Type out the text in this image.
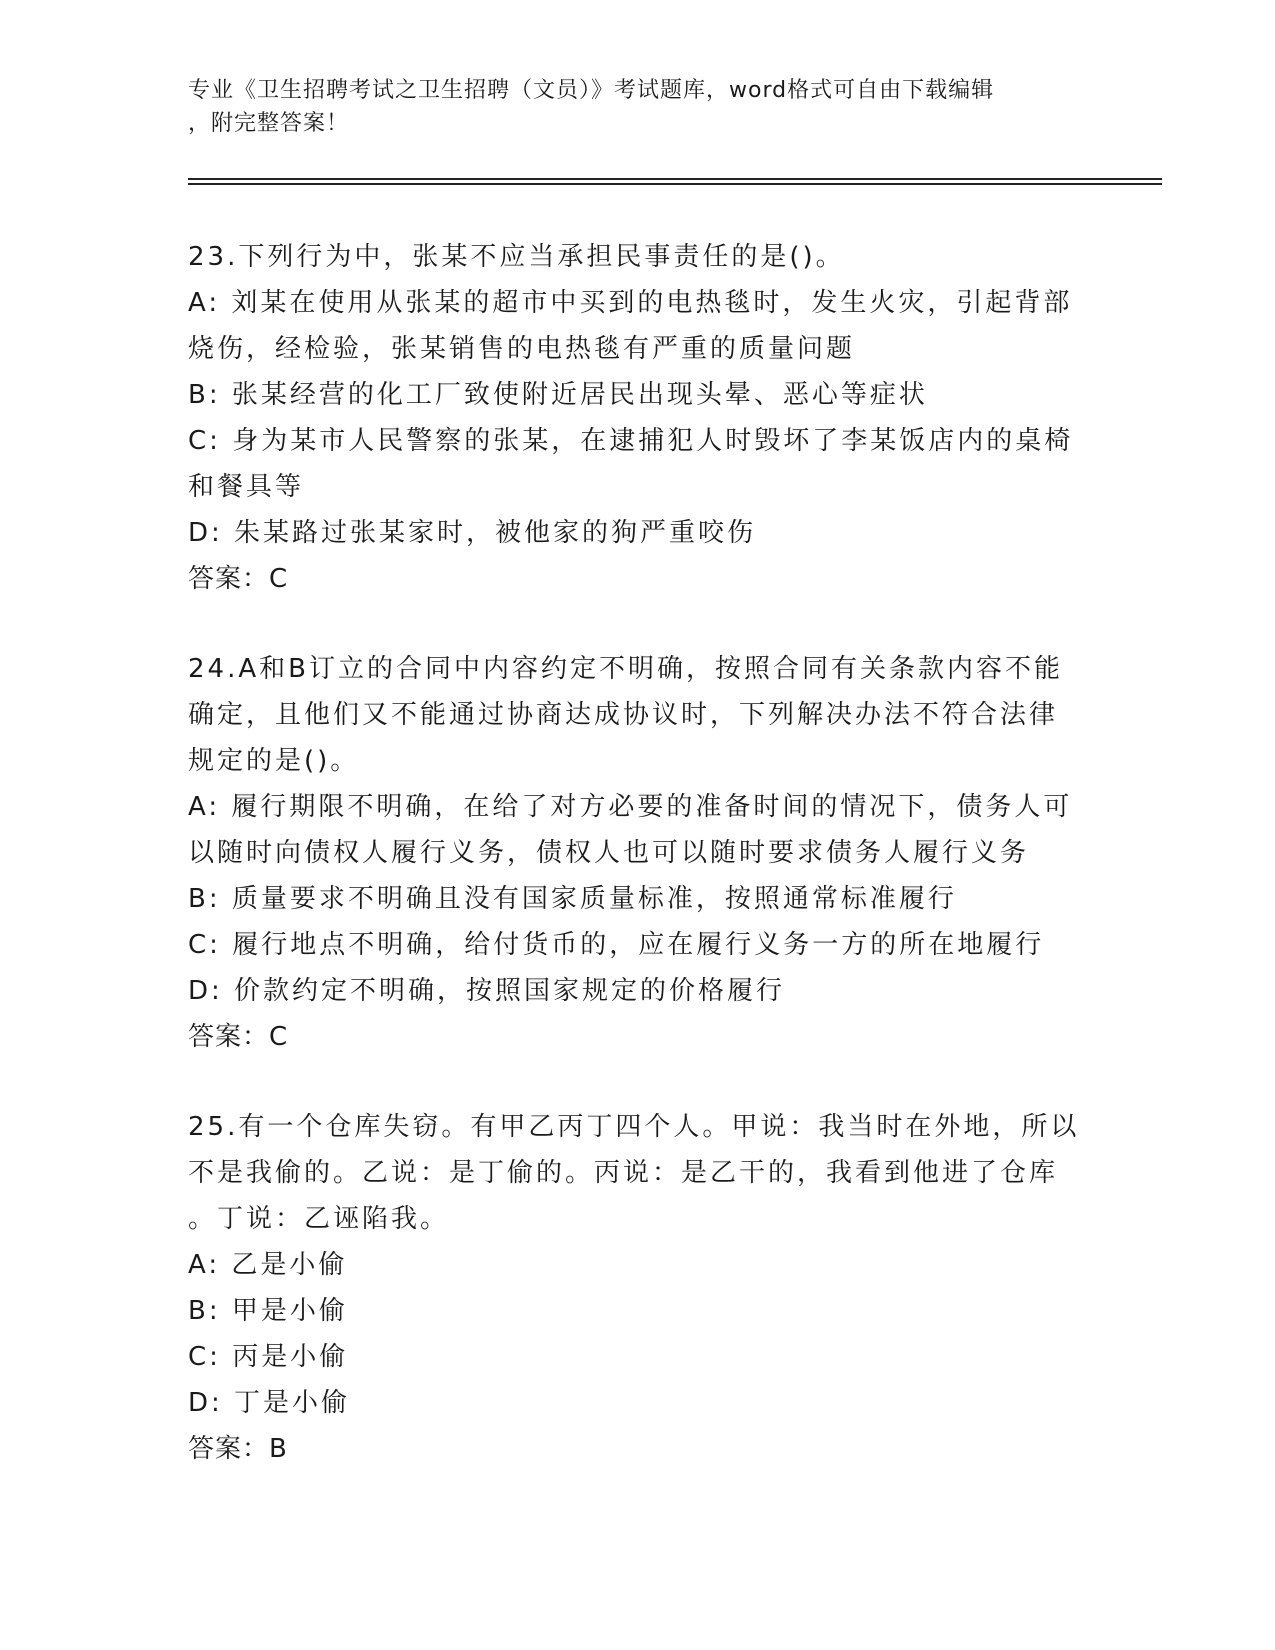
专业《卫生招聘考试之卫生招聘（文员）》考试题库，word格式可自由下载编辑
，附完整答案！
23.下列行为中，张某不应当承担民事责任的是()。
A: 刘某在使用从张某的超市中买到的电热毯时，发生火灾，引起背部
烧伤，经检验，张某销售的电热毯有严重的质量问题
B: 张某经营的化工厂致使附近居民出现头晕、恶心等症状
C: 身为某市人民警察的张某，在逮捕犯人时毁坏了李某饭店内的桌椅
和餐具等
D: 朱某路过张某家时，被他家的狗严重咬伤
答案：C
24.A和B订立的合同中内容约定不明确，按照合同有关条款内容不能
确定，且他们又不能通过协商达成协议时，下列解决办法不符合法律
规定的是()。
A: 履行期限不明确，在给了对方必要的准备时间的情况下，债务人可
以随时向债权人履行义务，债权人也可以随时要求债务人履行义务
B: 质量要求不明确且没有国家质量标准，按照通常标准履行
C: 履行地点不明确，给付货币的，应在履行义务一方的所在地履行
D: 价款约定不明确，按照国家规定的价格履行
答案：C
25.有一个仓库失窃。有甲乙丙丁四个人。甲说：我当时在外地，所以
不是我偷的。乙说：是丁偷的。丙说：是乙干的，我看到他进了仓库
。丁说：乙诬陷我。
A: 乙是小偷
B: 甲是小偷
C: 丙是小偷
D: 丁是小偷
答案：B
